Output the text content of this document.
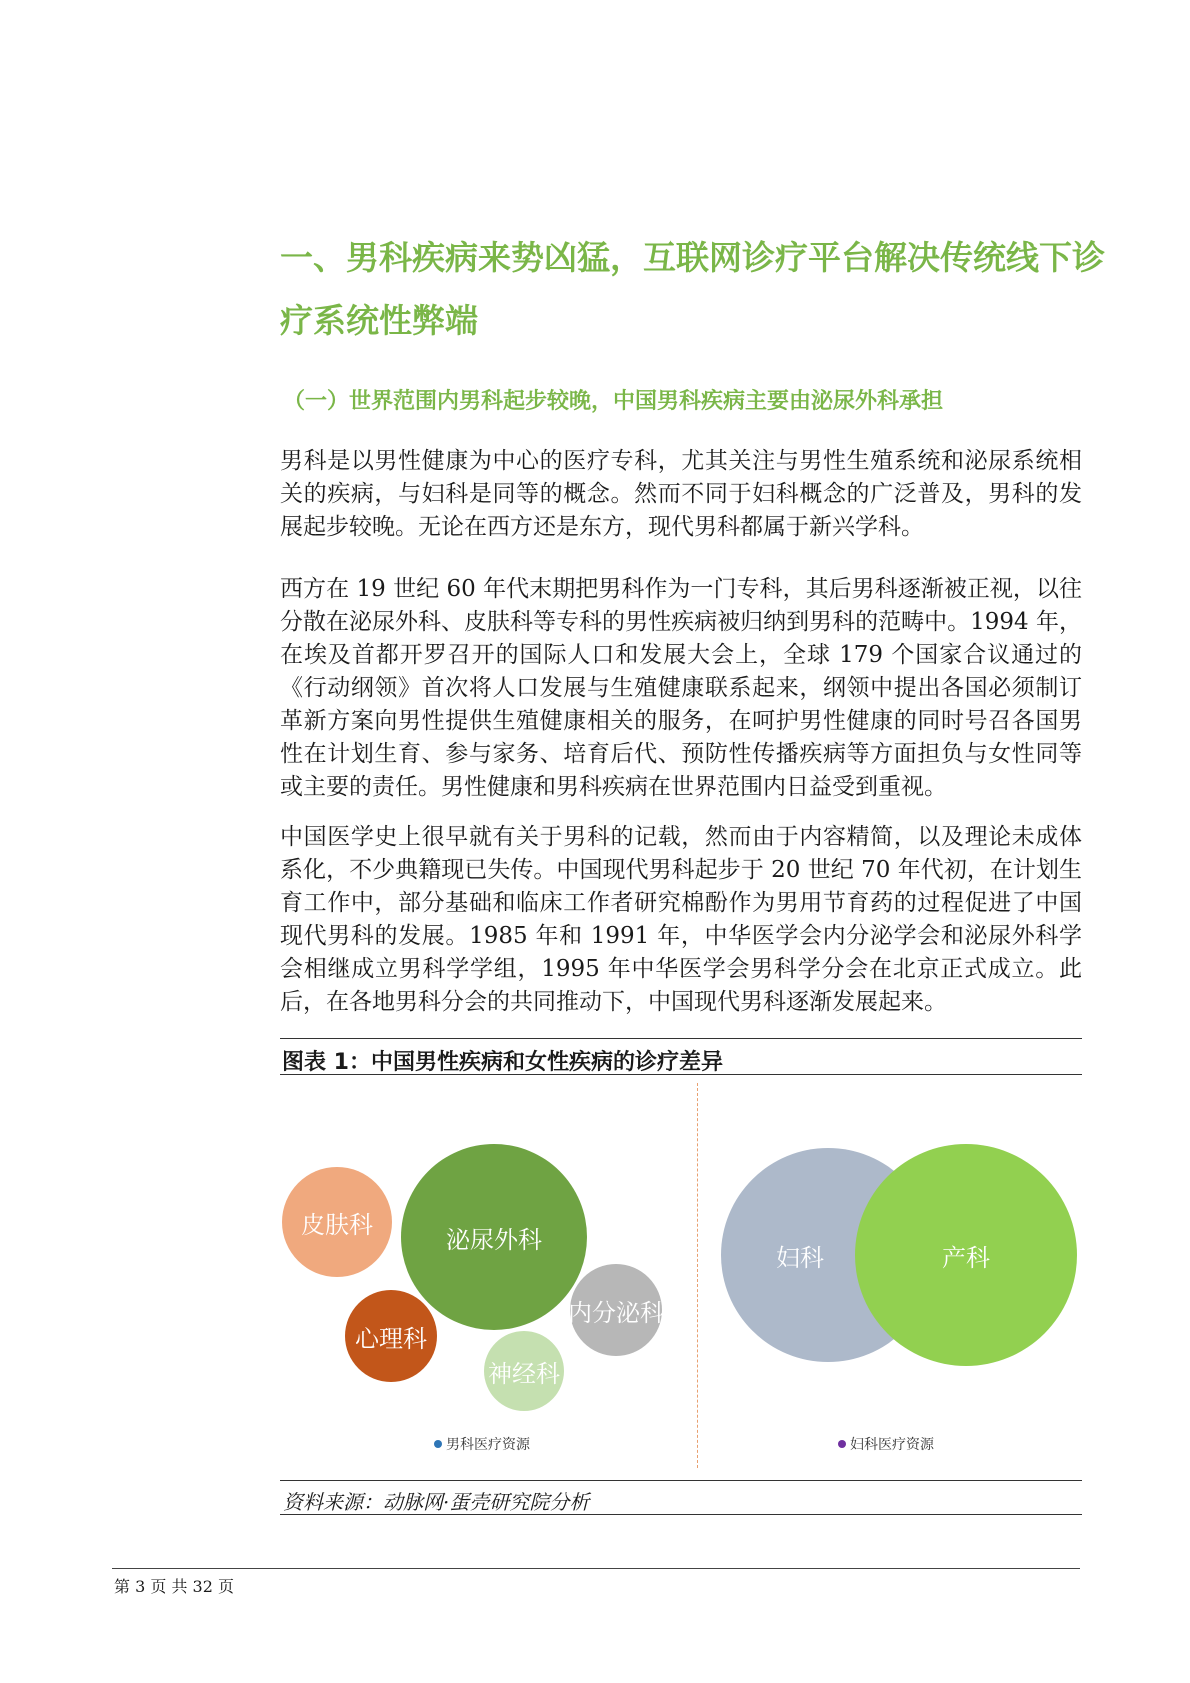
一、男科疾病来势凶猛，互联网诊疗平台解决传统线下诊
疗系统性弊端
（一）世界范围内男科起步较晚，中国男科疾病主要由泌尿外科承担

男科是以男性健康为中心的医疗专科，尤其关注与男性生殖系统和泌尿系统相关的疾病，与妇科是同等的概念。然而不同于妇科概念的广泛普及，男科的发展起步较晚。无论在西方还是东方，现代男科都属于新兴学科。

西方在 19 世纪 60 年代末期把男科作为一门专科，其后男科逐渐被正视，以往分散在泌尿外科、皮肤科等专科的男性疾病被归纳到男科的范畴中。1994 年，在埃及首都开罗召开的国际人口和发展大会上，全球 179 个国家合议通过的《行动纲领》首次将人口发展与生殖健康联系起来，纲领中提出各国必须制订革新方案向男性提供生殖健康相关的服务，在呵护男性健康的同时号召各国男性在计划生育、参与家务、培育后代、预防性传播疾病等方面担负与女性同等或主要的责任。男性健康和男科疾病在世界范围内日益受到重视。

中国医学史上很早就有关于男科的记载，然而由于内容精简，以及理论未成体系化，不少典籍现已失传。中国现代男科起步于 20 世纪 70 年代初，在计划生育工作中，部分基础和临床工作者研究棉酚作为男用节育药的过程促进了中国现代男科的发展。1985 年和 1991 年，中华医学会内分泌学会和泌尿外科学会相继成立男科学学组，1995 年中华医学会男科学分会在北京正式成立。此后，在各地男科分会的共同推动下，中国现代男科逐渐发展起来。

图表 1：中国男性疾病和女性疾病的诊疗差异
皮肤科
泌尿外科
内分泌科
心理科
神经科
男科医疗资源
妇科	产科
妇科医疗资源
资料来源：动脉网·蛋壳研究院分析
第 3 页 共 32 页
